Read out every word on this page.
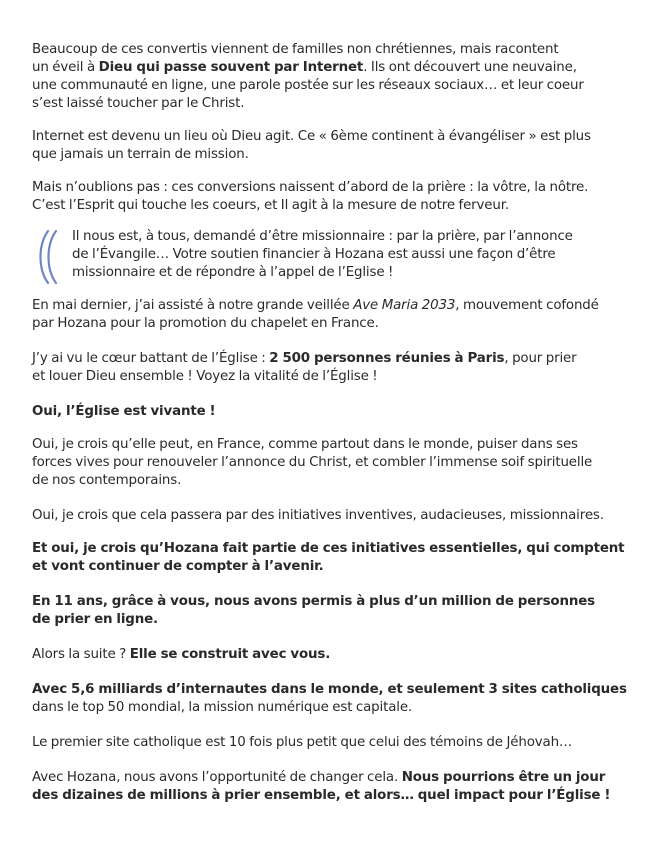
Beaucoup de ces convertis viennent de familles non chrétiennes, mais racontent
un éveil à Dieu qui passe souvent par Internet. Ils ont découvert une neuvaine,
une communauté en ligne, une parole postée sur les réseaux sociaux… et leur coeur
s’est laissé toucher par le Christ.

Internet est devenu un lieu où Dieu agit. Ce « 6ème continent à évangéliser » est plus
que jamais un terrain de mission.

Mais n’oublions pas : ces conversions naissent d’abord de la prière : la vôtre, la nôtre.
C’est l’Esprit qui touche les coeurs, et Il agit à la mesure de notre ferveur.

Il nous est, à tous, demandé d’être missionnaire : par la prière, par l’annonce
de l’Évangile… Votre soutien financier à Hozana est aussi une façon d’être
missionnaire et de répondre à l’appel de l’Eglise !

En mai dernier, j’ai assisté à notre grande veillée Ave Maria 2033, mouvement cofondé
par Hozana pour la promotion du chapelet en France.

J’y ai vu le cœur battant de l’Église : 2 500 personnes réunies à Paris, pour prier
et louer Dieu ensemble ! Voyez la vitalité de l’Église !

Oui, l’Église est vivante !

Oui, je crois qu’elle peut, en France, comme partout dans le monde, puiser dans ses
forces vives pour renouveler l’annonce du Christ, et combler l’immense soif spirituelle
de nos contemporains.

Oui, je crois que cela passera par des initiatives inventives, audacieuses, missionnaires.

Et oui, je crois qu’Hozana fait partie de ces initiatives essentielles, qui comptent
et vont continuer de compter à l’avenir.

En 11 ans, grâce à vous, nous avons permis à plus d’un million de personnes
de prier en ligne.

Alors la suite ? Elle se construit avec vous.

Avec 5,6 milliards d’internautes dans le monde, et seulement 3 sites catholiques
dans le top 50 mondial, la mission numérique est capitale.

Le premier site catholique est 10 fois plus petit que celui des témoins de Jéhovah…

Avec Hozana, nous avons l’opportunité de changer cela. Nous pourrions être un jour
des dizaines de millions à prier ensemble, et alors… quel impact pour l’Église !
